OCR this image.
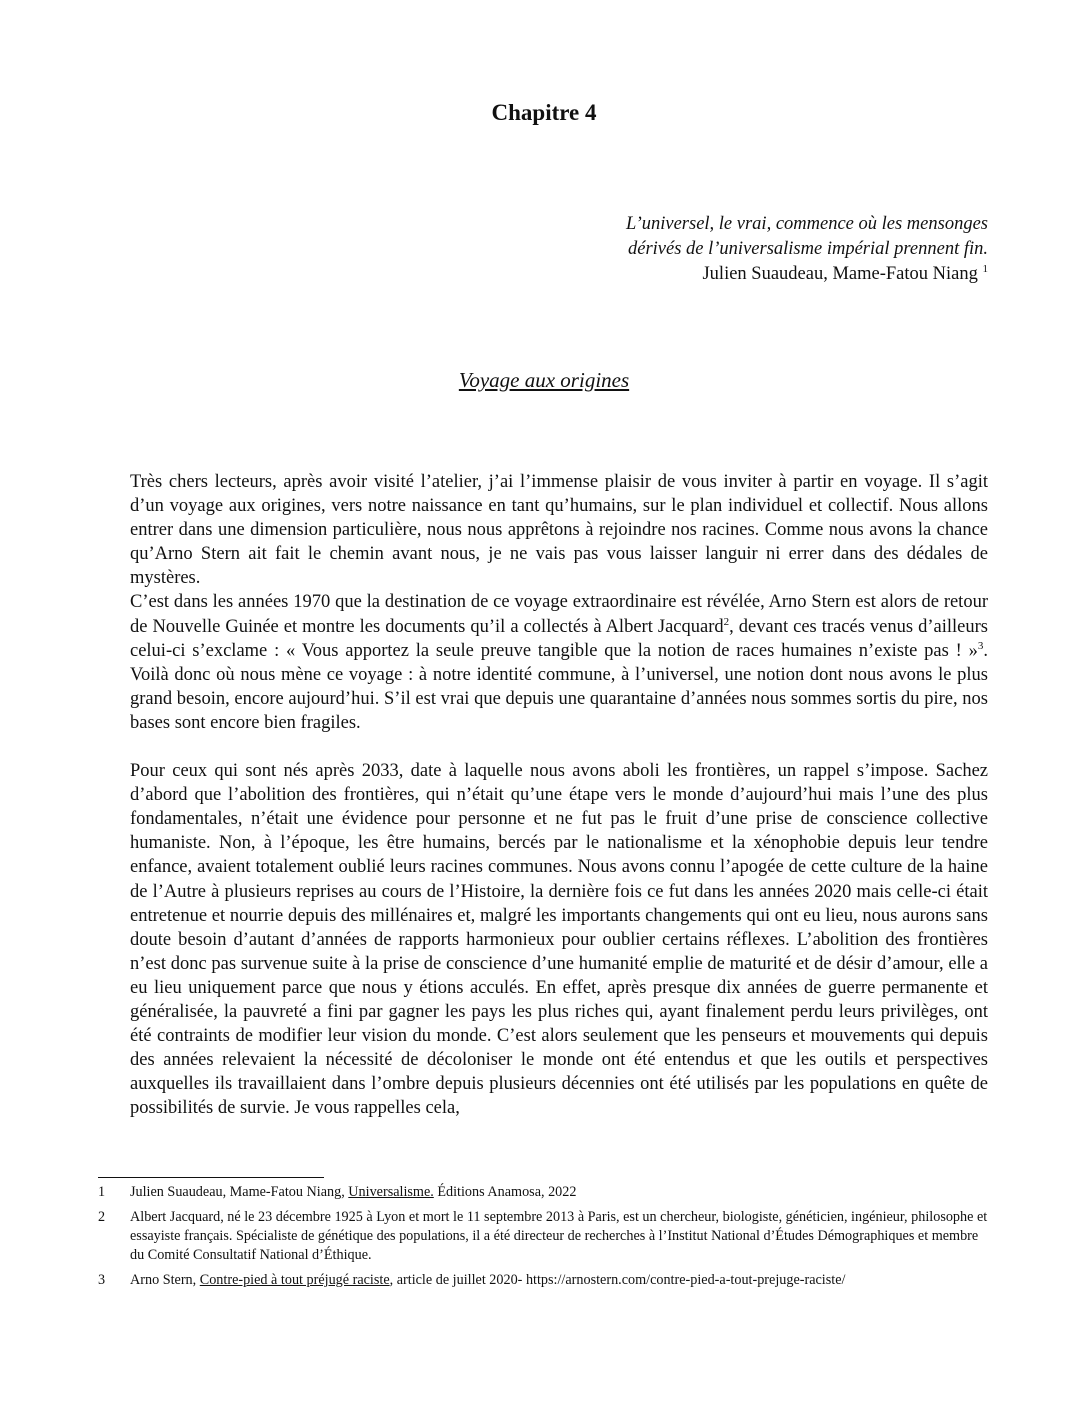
Chapitre 4
L’universel, le vrai, commence où les mensonges
dérivés de l’universalisme impérial prennent fin.
Julien Suaudeau, Mame-Fatou Niang $^1$
Voyage aux origines

Très chers lecteurs, après avoir visité l’atelier, j’ai l’immense plaisir de vous inviter à partir en voyage. Il s’agit d’un voyage aux origines, vers notre naissance en tant qu’humains, sur le plan individuel et collectif. Nous allons entrer dans une dimension particulière, nous nous apprêtons à rejoindre nos racines. Comme nous avons la chance qu’Arno Stern ait fait le chemin avant nous, je ne vais pas vous laisser languir ni errer dans des dédales de mystères.

C’est dans les années 1970 que la destination de ce voyage extraordinaire est révélée, Arno Stern est alors de retour de Nouvelle Guinée et montre les documents qu’il a collectés à Albert Jacquard$^2$, devant ces tracés venus d’ailleurs celui-ci s’exclame : « Vous apportez la seule preuve tangible que la notion de races humaines n’existe pas ! »$^3$. Voilà donc où nous mène ce voyage : à notre identité commune, à l’universel, une notion dont nous avons le plus grand besoin, encore aujourd’hui. S’il est vrai que depuis une quarantaine d’années nous sommes sortis du pire, nos bases sont encore bien fragiles.

Pour ceux qui sont nés après 2033, date à laquelle nous avons aboli les frontières, un rappel s’impose. Sachez d’abord que l’abolition des frontières, qui n’était qu’une étape vers le monde d’aujourd’hui mais l’une des plus fondamentales, n’était une évidence pour personne et ne fut pas le fruit d’une prise de conscience collective humaniste. Non, à l’époque, les être humains, bercés par le nationalisme et la xénophobie depuis leur tendre enfance, avaient totalement oublié leurs racines communes. Nous avons connu l’apogée de cette culture de la haine de l’Autre à plusieurs reprises au cours de l’Histoire, la dernière fois ce fut dans les années 2020 mais celle-ci était entretenue et nourrie depuis des millénaires et, malgré les importants changements qui ont eu lieu, nous aurons sans doute besoin d’autant d’années de rapports harmonieux pour oublier certains réflexes. L’abolition des frontières n’est donc pas survenue suite à la prise de conscience d’une humanité emplie de maturité et de désir d’amour, elle a eu lieu uniquement parce que nous y étions acculés. En effet, après presque dix années de guerre permanente et généralisée, la pauvreté a fini par gagner les pays les plus riches qui, ayant finalement perdu leurs privilèges, ont été contraints de modifier leur vision du monde. C’est alors seulement que les penseurs et mouvements qui depuis des années relevaient la nécessité de décoloniser le monde ont été entendus et que les outils et perspectives auxquelles ils travaillaient dans l’ombre depuis plusieurs décennies ont été utilisés par les populations en quête de possibilités de survie. Je vous rappelles cela,

1	Julien Suaudeau, Mame-Fatou Niang, Universalisme. Éditions Anamosa, 2022
2	Albert Jacquard, né le 23 décembre 1925 à Lyon et mort le 11 septembre 2013 à Paris, est un chercheur, biologiste, généticien, ingénieur, philosophe et essayiste français. Spécialiste de génétique des populations, il a été directeur de recherches à l’Institut National d’Études Démographiques et membre du Comité Consultatif National d’Éthique.
3	Arno Stern, Contre-pied à tout préjugé raciste, article de juillet 2020- https://arnostern.com/contre-pied-a-tout-prejuge-raciste/
